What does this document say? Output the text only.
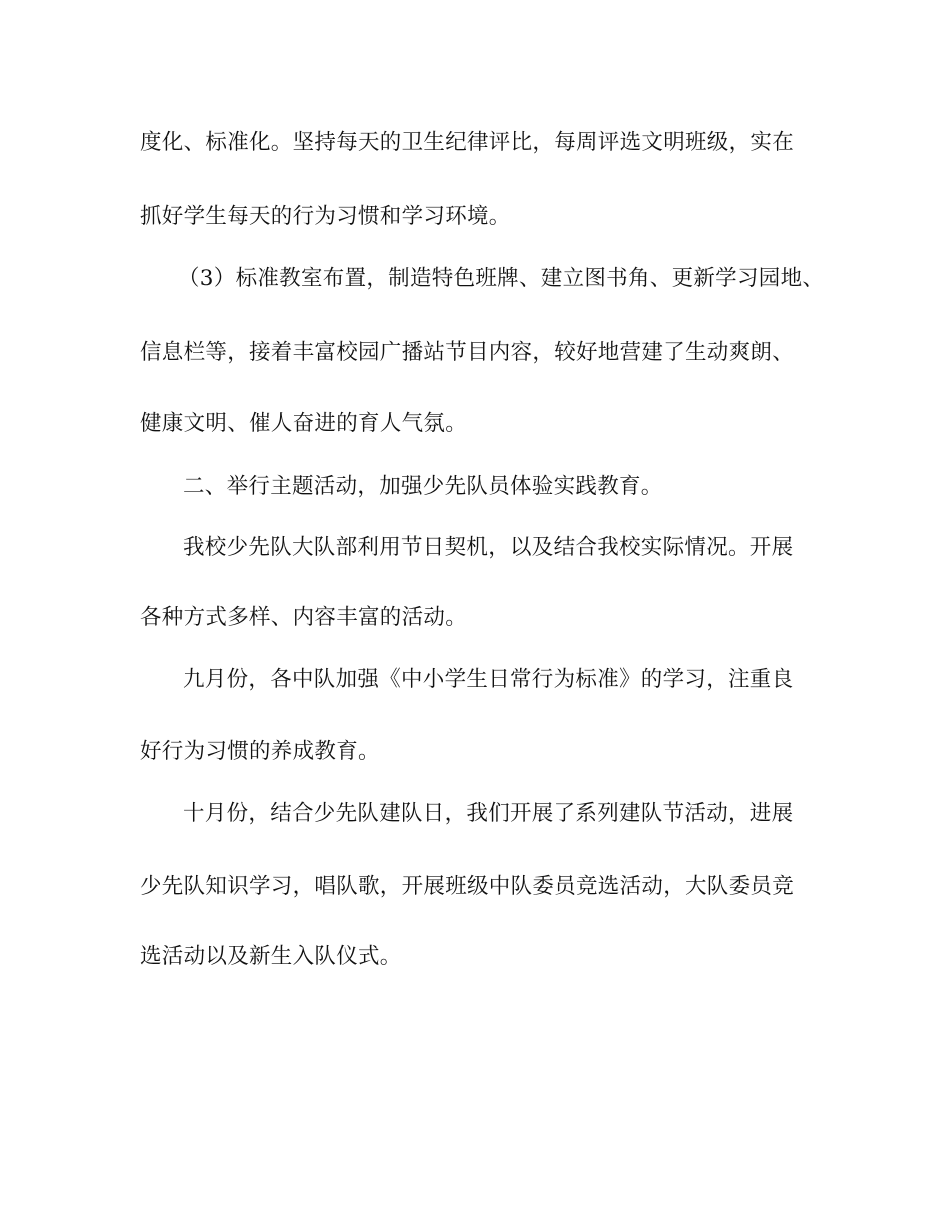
度化、标准化。坚持每天的卫生纪律评比，每周评选文明班级，实在
抓好学生每天的行为习惯和学习环境。
（3）标准教室布置，制造特色班牌、建立图书角、更新学习园地、
信息栏等，接着丰富校园广播站节目内容，较好地营建了生动爽朗、
健康文明、催人奋进的育人气氛。
二、举行主题活动，加强少先队员体验实践教育。
我校少先队大队部利用节日契机，以及结合我校实际情况。开展
各种方式多样、内容丰富的活动。
九月份，各中队加强《中小学生日常行为标准》的学习，注重良
好行为习惯的养成教育。
十月份，结合少先队建队日，我们开展了系列建队节活动，进展
少先队知识学习，唱队歌，开展班级中队委员竞选活动，大队委员竞
选活动以及新生入队仪式。
